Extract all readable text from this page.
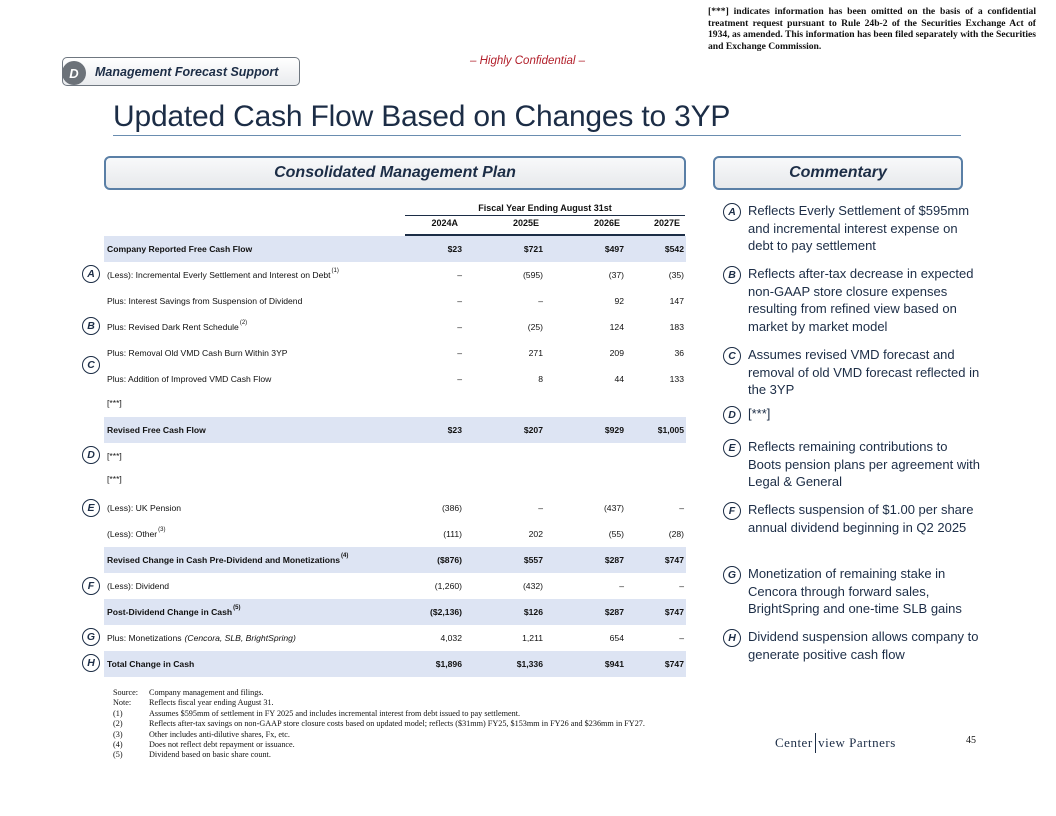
[***] indicates information has been omitted on the basis of a confidential treatment request pursuant to Rule 24b-2 of the Securities Exchange Act of 1934, as amended. This information has been filed separately with the Securities and Exchange Commission.
D	Management Forecast Support
– Highly Confidential –
Updated Cash Flow Based on Changes to 3YP
Consolidated Management Plan	Commentary
Fiscal Year Ending August 31st
2024A	2025E	2026E	2027E
Company Reported Free Cash Flow	$23	$721	$497	$542
(Less): Incremental Everly Settlement and Interest on Debt (1)	–	(595)	(37)	(35)
Plus: Interest Savings from Suspension of Dividend	–	–	92	147
Plus: Revised Dark Rent Schedule (2)	–	(25)	124	183
Plus: Removal Old VMD Cash Burn Within 3YP	–	271	209	36
Plus: Addition of Improved VMD Cash Flow	–	8	44	133
[***]
Revised Free Cash Flow	$23	$207	$929	$1,005
[***]
[***]
(Less): UK Pension	(386)	–	(437)	–
(Less): Other (3)	(111)	202	(55)	(28)
Revised Change in Cash Pre-Dividend and Monetizations (4)	($876)	$557	$287	$747
(Less): Dividend	(1,260)	(432)	–	–
Post-Dividend Change in Cash (5)	($2,136)	$126	$287	$747
Plus: Monetizations (Cencora, SLB, BrightSpring)	4,032	1,211	654	–
Total Change in Cash	$1,896	$1,336	$941	$747
A
B
C
D
E
F
G
H
A Reflects Everly Settlement of $595mm and incremental interest expense on debt to pay settlement
B Reflects after-tax decrease in expected non-GAAP store closure expenses resulting from refined view based on market by market model
C Assumes revised VMD forecast and removal of old VMD forecast reflected in the 3YP
D [***]
E Reflects remaining contributions to Boots pension plans per agreement with Legal & General
F Reflects suspension of $1.00 per share annual dividend beginning in Q2 2025
G Monetization of remaining stake in Cencora through forward sales, BrightSpring and one-time SLB gains
H Dividend suspension allows company to generate positive cash flow
Source:	Company management and filings.
Note:	Reflects fiscal year ending August 31.
(1)	Assumes $595mm of settlement in FY 2025 and includes incremental interest from debt issued to pay settlement.
(2)	Reflects after-tax savings on non-GAAP store closure costs based on updated model; reflects ($31mm) FY25, $153mm in FY26 and $236mm in FY27.
(3)	Other includes anti-dilutive shares, Fx, etc.
(4)	Does not reflect debt repayment or issuance.
(5)	Dividend based on basic share count.
Center view Partners	45
